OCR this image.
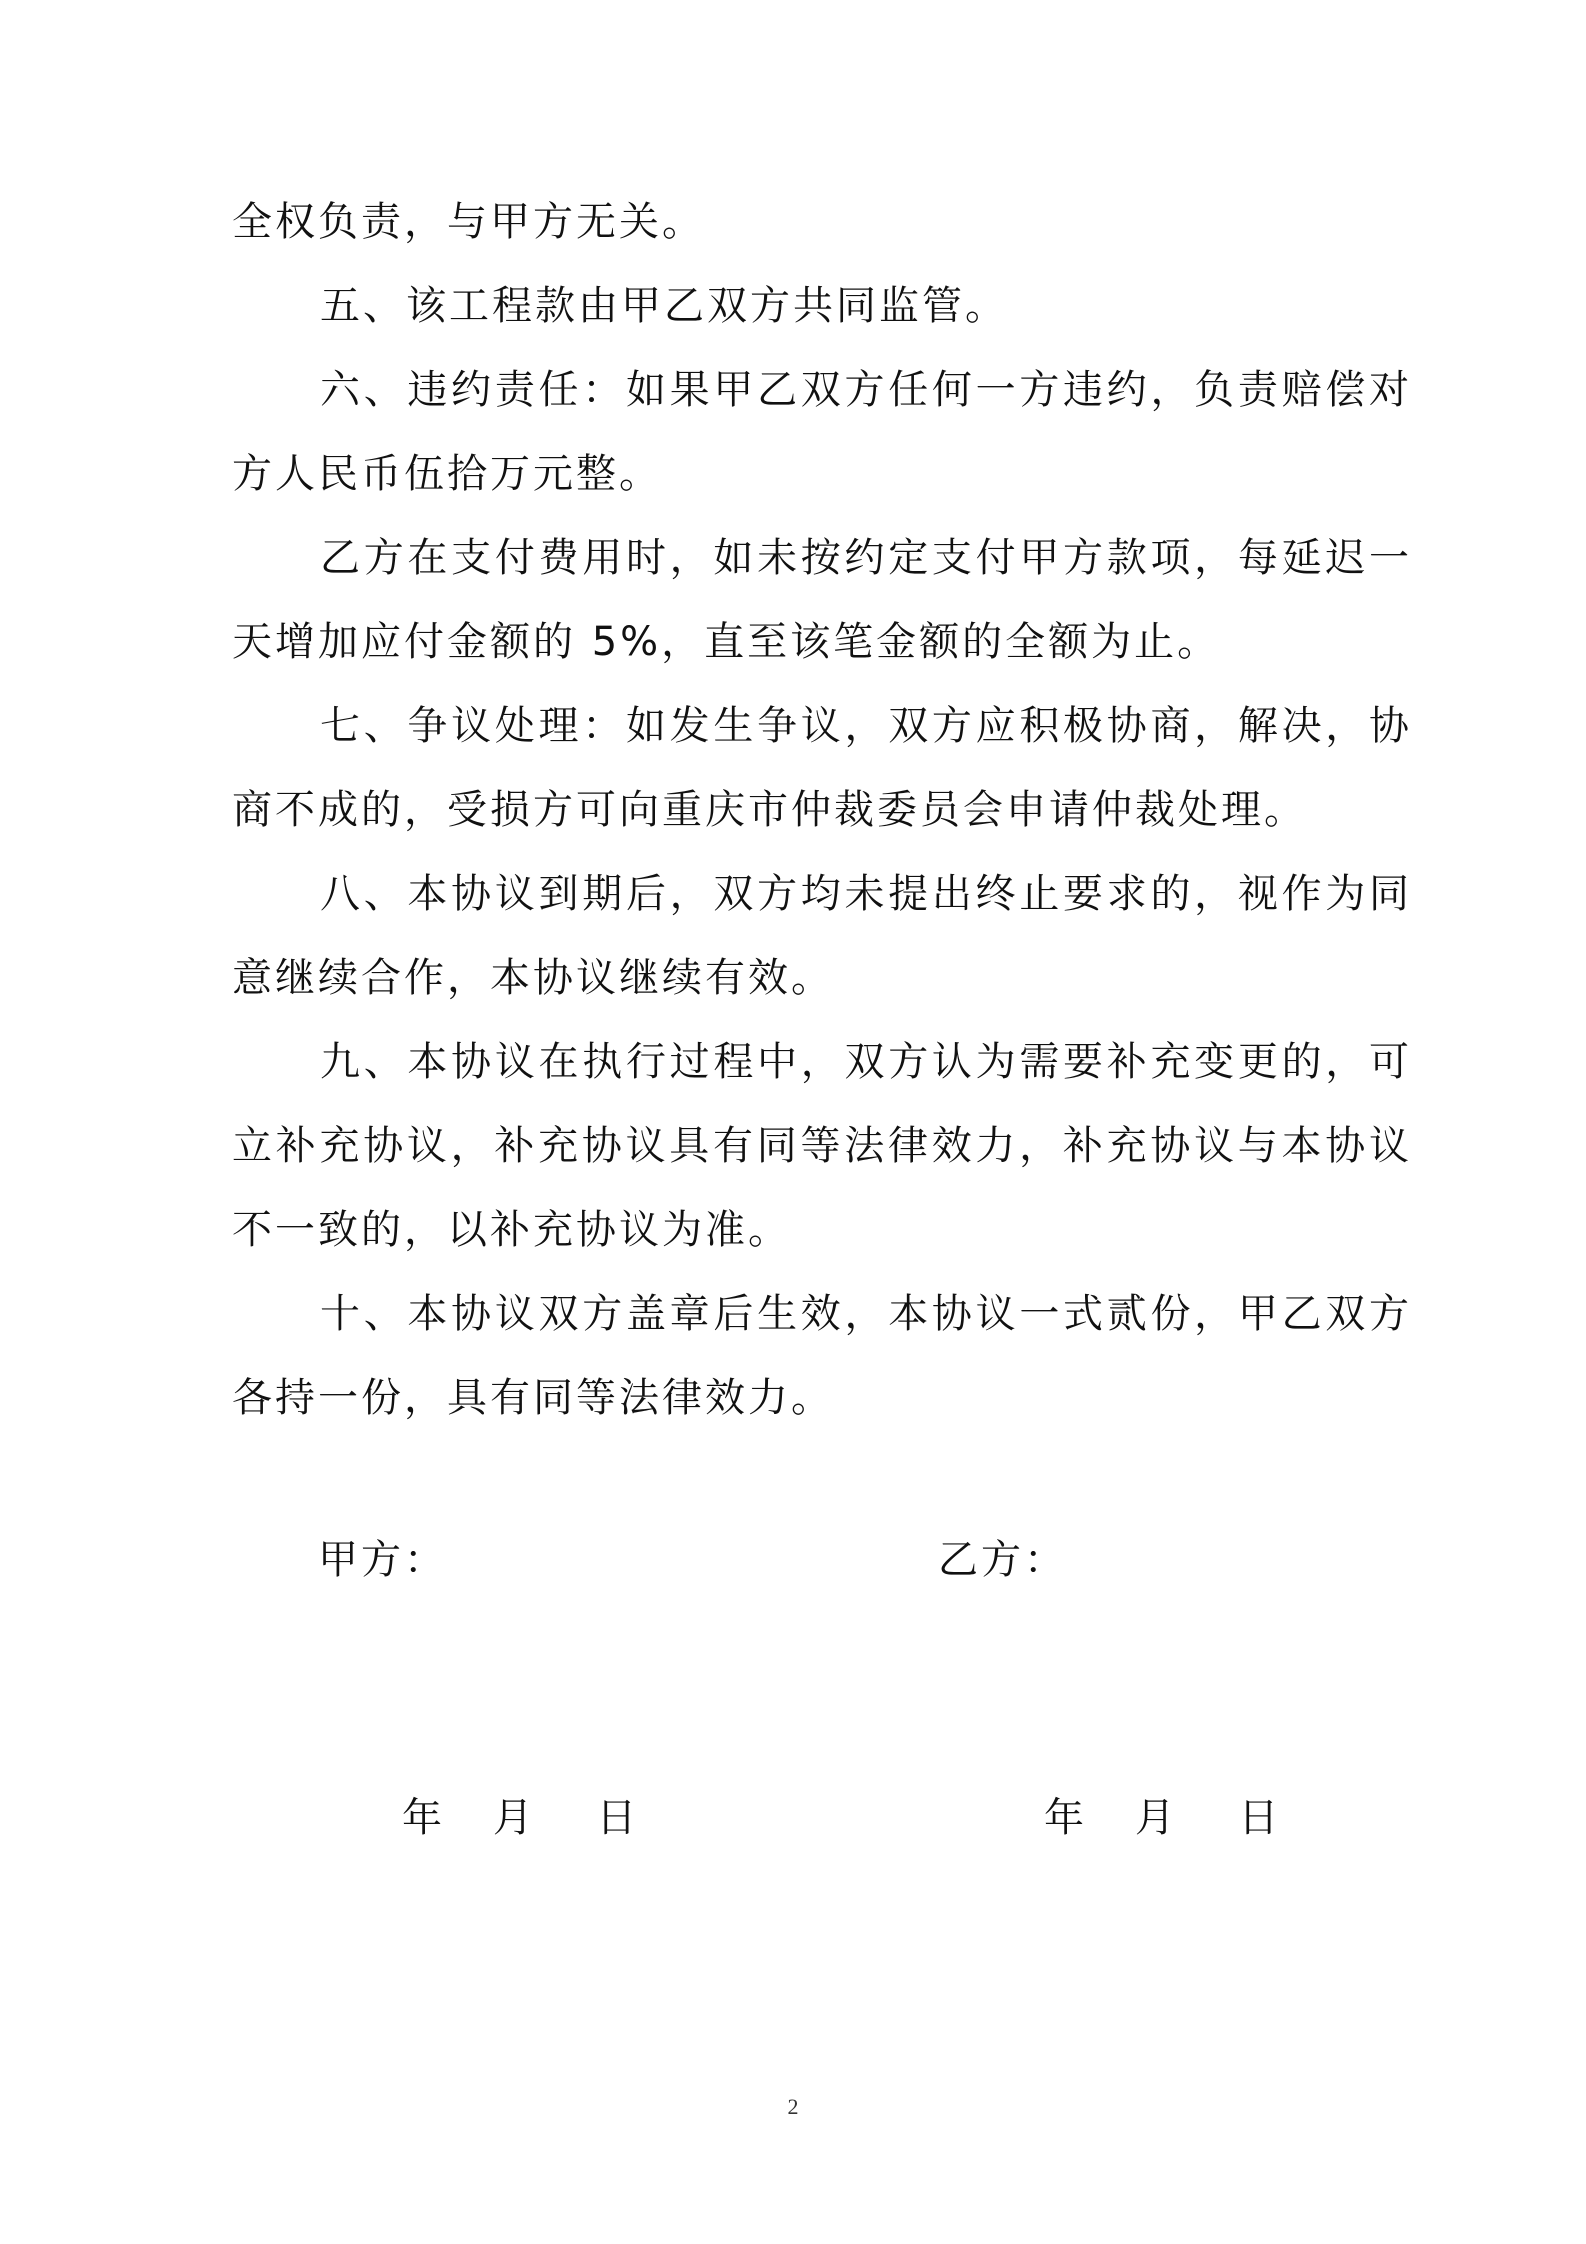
全权负责，与甲方无关。

五、该工程款由甲乙双方共同监管。

六、违约责任：如果甲乙双方任何一方违约，负责赔偿对方人民币伍拾万元整。

乙方在支付费用时，如未按约定支付甲方款项，每延迟一天增加应付金额的 5%，直至该笔金额的全额为止。

七、争议处理：如发生争议，双方应积极协商，解决，协商不成的，受损方可向重庆市仲裁委员会申请仲裁处理。

八、本协议到期后，双方均未提出终止要求的，视作为同意继续合作，本协议继续有效。

九、本协议在执行过程中，双方认为需要补充变更的，可立补充协议，补充协议具有同等法律效力，补充协议与本协议不一致的，以补充协议为准。

十、本协议双方盖章后生效，本协议一式贰份，甲乙双方各持一份，具有同等法律效力。

甲方：	乙方：
年    月     日	年    月     日
2
